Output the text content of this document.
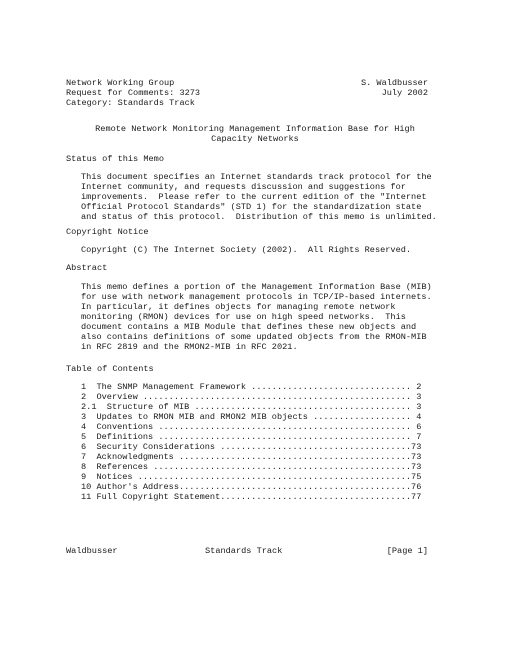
Network Working Group
Request for Comments: 3273
Category: Standards Track
S. Waldbusser
July 2002
Remote Network Monitoring Management Information Base for High
Capacity Networks
Status of this Memo
This document specifies an Internet standards track protocol for the
Internet community, and requests discussion and suggestions for
improvements.  Please refer to the current edition of the "Internet
Official Protocol Standards" (STD 1) for the standardization state
and status of this protocol.  Distribution of this memo is unlimited.
Copyright Notice
Copyright (C) The Internet Society (2002).  All Rights Reserved.
Abstract
This memo defines a portion of the Management Information Base (MIB)
for use with network management protocols in TCP/IP-based internets.
In particular, it defines objects for managing remote network
monitoring (RMON) devices for use on high speed networks.  This
document contains a MIB Module that defines these new objects and
also contains definitions of some updated objects from the RMON-MIB
in RFC 2819 and the RMON2-MIB in RFC 2021.
Table of Contents
1  The SNMP Management Framework ............................... 2
2  Overview .................................................... 3
2.1  Structure of MIB .......................................... 3
3  Updates to RMON MIB and RMON2 MIB objects ................... 4
4  Conventions ................................................. 6
5  Definitions ................................................. 7
6  Security Considerations .....................................73
7  Acknowledgments .............................................73
8  References ..................................................73
9  Notices .....................................................75
10 Author's Address.............................................76
11 Full Copyright Statement.....................................77
Waldbusser	Standards Track	[Page 1]
